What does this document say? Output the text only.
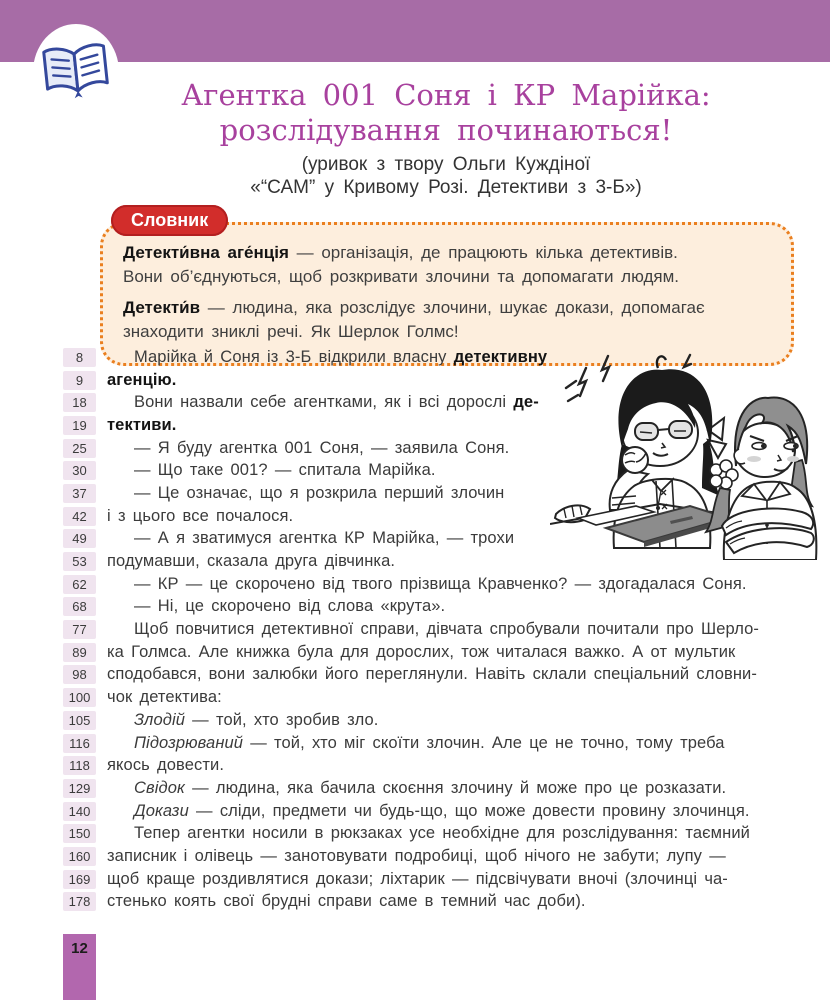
Агентка 001 Соня і КР Марійка:
розслідування починаються!
(уривок з твору Ольги Куждіної
«“САМ” у Кривому Розі. Детективи з 3-Б»)
Словник
Детекти́вна аге́нція — організація, де працюють кілька детективів.
Вони об’єднуються, щоб розкривати злочини та допомагати людям.
Детекти́в — людина, яка розслідує злочини, шукає докази, допомагає
знаходити зниклі речі. Як Шерлок Голмс!
8	Марійка й Соня із 3-Б відкрили власну детективну
9	агенцію.
18	Вони назвали себе агентками, як і всі дорослі де-
19	тективи.
25	— Я буду агентка 001 Соня, — заявила Соня.
30	— Що таке 001? — спитала Марійка.
37	— Це означає, що я розкрила перший злочин
42	і з цього все почалося.
49	— А я зватимуся агентка КР Марійка, — трохи
53	подумавши, сказала друга дівчинка.
62	— КР — це скорочено від твого прізвища Кравченко? — здогадалася Соня.
68	— Ні, це скорочено від слова «крута».
77	Щоб повчитися детективної справи, дівчата спробували почитали про Шерло-
89	ка Голмса. Але книжка була для дорослих, тож читалася важко. А от мультик
98	сподобався, вони залюбки його переглянули. Навіть склали спеціальний словни-
100	чок детектива:
105	Злодій — той, хто зробив зло.
116	Підозрюваний — той, хто міг скоїти злочин. Але це не точно, тому треба
118	якось довести.
129	Свідок — людина, яка бачила скоєння злочину й може про це розказати.
140	Докази — сліди, предмети чи будь-що, що може довести провину злочинця.
150	Тепер агентки носили в рюкзаках усе необхідне для розслідування: таємний
160	записник і олівець — занотовувати подробиці, щоб нічого не забути; лупу —
169	щоб краще роздивлятися докази; ліхтарик — підсвічувати вночі (злочинці ча-
178	стенько коять свої брудні справи саме в темний час доби).
12
